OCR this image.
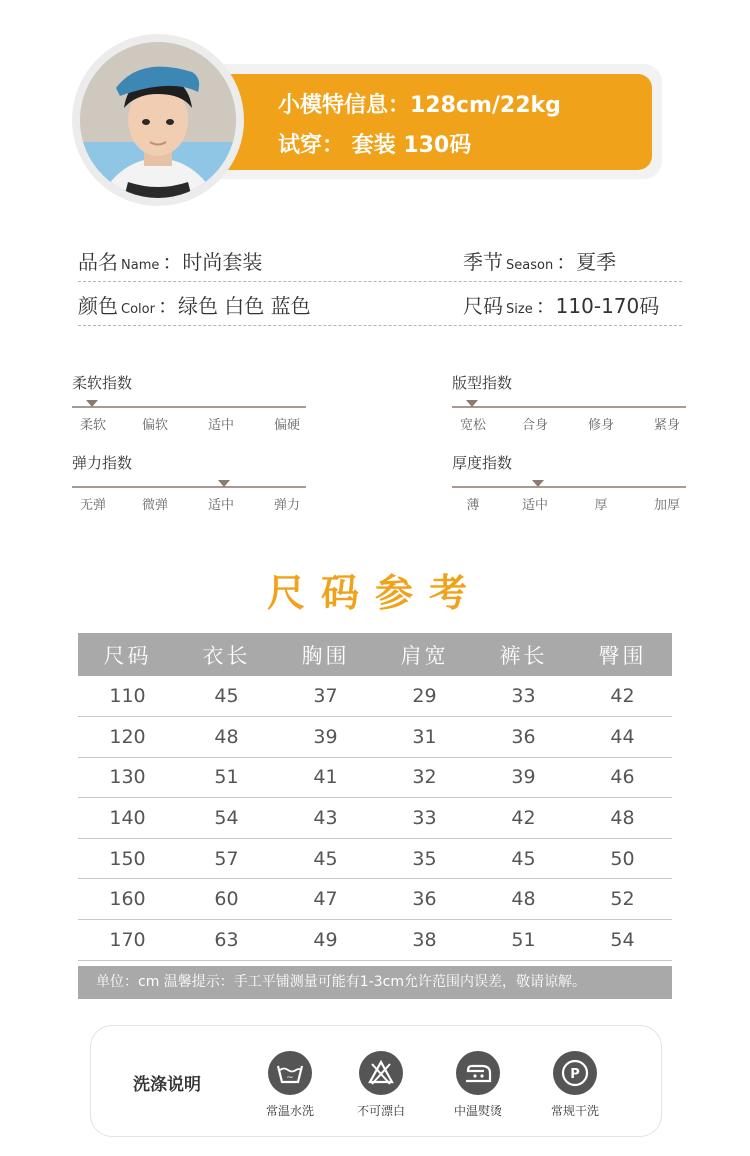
小模特信息：128cm/22kg
试穿： 套装 130码
品名 Name ：时尚套装	季节 Season ：夏季
颜色 Color ：绿色 白色 蓝色	尺码 Size ：110-170码
柔软指数
柔软	偏软	适中	偏硬
版型指数
宽松	合身	修身	紧身
弹力指数
无弹	微弹	适中	弹力
厚度指数
薄	适中	厚	加厚
尺码参考
尺码	衣长	胸围	肩宽	裤长	臀围
110	45	37	29	33	42
120	48	39	31	36	44
130	51	41	32	39	46
140	54	43	33	42	48
150	57	45	35	45	50
160	60	47	36	48	52
170	63	49	38	51	54
单位：cm 温馨提示：手工平铺测量可能有1-3cm允许范围内误差，敬请谅解。
洗涤说明	~
常温水洗	不可漂白	中温熨烫
P
常规干洗
